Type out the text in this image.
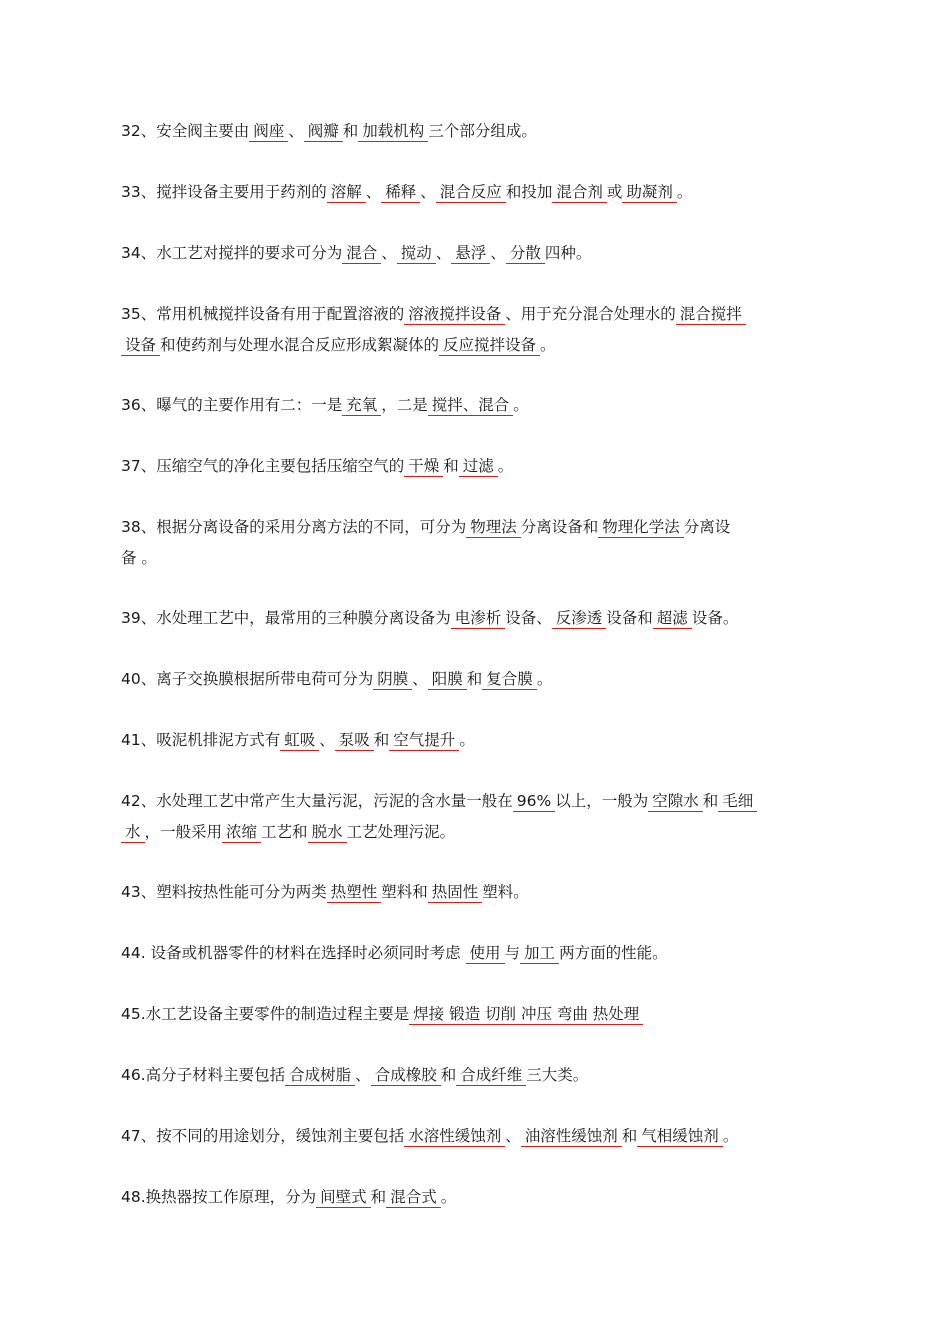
32、安全阀主要由 阀座 、 阀瓣 和 加载机构 三个部分组成。
33、搅拌设备主要用于药剂的 溶解 、 稀释 、 混合反应 和投加 混合剂 或 助凝剂 。
34、水工艺对搅拌的要求可分为 混合 、 搅动 、 悬浮 、 分散 四种。
35、常用机械搅拌设备有用于配置溶液的 溶液搅拌设备 、用于充分混合处理水的 混合搅拌
设备 和使药剂与处理水混合反应形成絮凝体的 反应搅拌设备 。
36、曝气的主要作用有二：一是 充氧 ，二是 搅拌、混合 。
37、压缩空气的净化主要包括压缩空气的 干燥 和 过滤 。
38、根据分离设备的采用分离方法的不同，可分为 物理法 分离设备和 物理化学法 分离设
备 。
39、水处理工艺中，最常用的三种膜分离设备为 电渗析 设备、 反渗透 设备和 超滤 设备。
40、离子交换膜根据所带电荷可分为 阴膜 、 阳膜 和 复合膜 。
41、吸泥机排泥方式有 虹吸 、 泵吸 和 空气提升 。
42、水处理工艺中常产生大量污泥，污泥的含水量一般在 96% 以上，一般为 空隙水 和 毛细
水 ，一般采用 浓缩 工艺和 脱水 工艺处理污泥。
43、塑料按热性能可分为两类 热塑性 塑料和 热固性 塑料。
44. 设备或机器零件的材料在选择时必须同时考虑 使用 与 加工 两方面的性能。
45.水工艺设备主要零件的制造过程主要是 焊接 锻造 切削 冲压 弯曲 热处理
46.高分子材料主要包括 合成树脂 、 合成橡胶 和 合成纤维 三大类。
47、按不同的用途划分，缓蚀剂主要包括 水溶性缓蚀剂 、 油溶性缓蚀剂 和 气相缓蚀剂 。
48.换热器按工作原理，分为 间壁式 和 混合式 。
